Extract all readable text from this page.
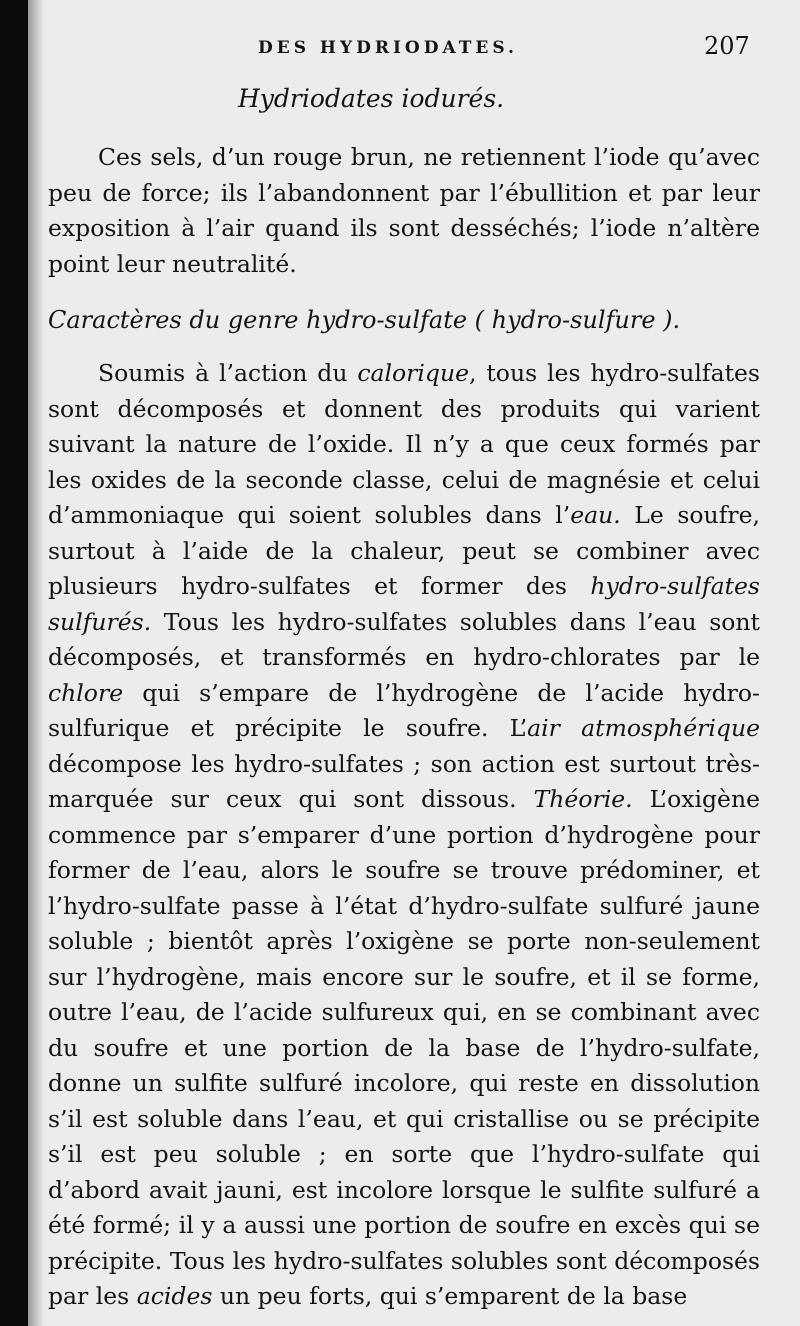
DES HYDRIODATES.	207
Hydriodates iodurés.

Ces sels, d’un rouge brun, ne retiennent l’iode qu’avec peu de force; ils l’abandonnent par l’ébullition et par leur exposition à l’air quand ils sont desséchés; l’iode n’altère point leur neutralité.

Caractères du genre hydro-sulfate ( hydro-sulfure ).

Soumis à l’action du calorique, tous les hydro-sulfates sont décomposés et donnent des produits qui varient suivant la nature de l’oxide. Il n’y a que ceux formés par les oxides de la seconde classe, celui de magnésie et celui d’ammoniaque qui soient solubles dans l’eau. Le soufre, surtout à l’aide de la chaleur, peut se combiner avec plusieurs hydro-sulfates et former des hydro-sulfates sulfurés. Tous les hydro-sulfates solubles dans l’eau sont décomposés, et transformés en hydro-chlorates par le chlore qui s’empare de l’hydrogène de l’acide hydro-sulfurique et précipite le soufre. L’air atmosphérique décompose les hydro-sulfates ; son action est surtout très-marquée sur ceux qui sont dissous. Théorie. L’oxigène commence par s’emparer d’une portion d’hydrogène pour former de l’eau, alors le soufre se trouve prédominer, et l’hydro-sulfate passe à l’état d’hydro-sulfate sulfuré jaune soluble ; bientôt après l’oxigène se porte non-seulement sur l’hydrogène, mais encore sur le soufre, et il se forme, outre l’eau, de l’acide sulfureux qui, en se combinant avec du soufre et une portion de la base de l’hydro-sulfate, donne un sulfite sulfuré incolore, qui reste en dissolution s’il est soluble dans l’eau, et qui cristallise ou se précipite s’il est peu soluble ; en sorte que l’hydro-sulfate qui d’abord avait jauni, est incolore lorsque le sulfite sulfuré a été formé; il y a aussi une portion de soufre en excès qui se précipite. Tous les hydro-sulfates solubles sont décomposés par les acides un peu forts, qui s’emparent de la base
